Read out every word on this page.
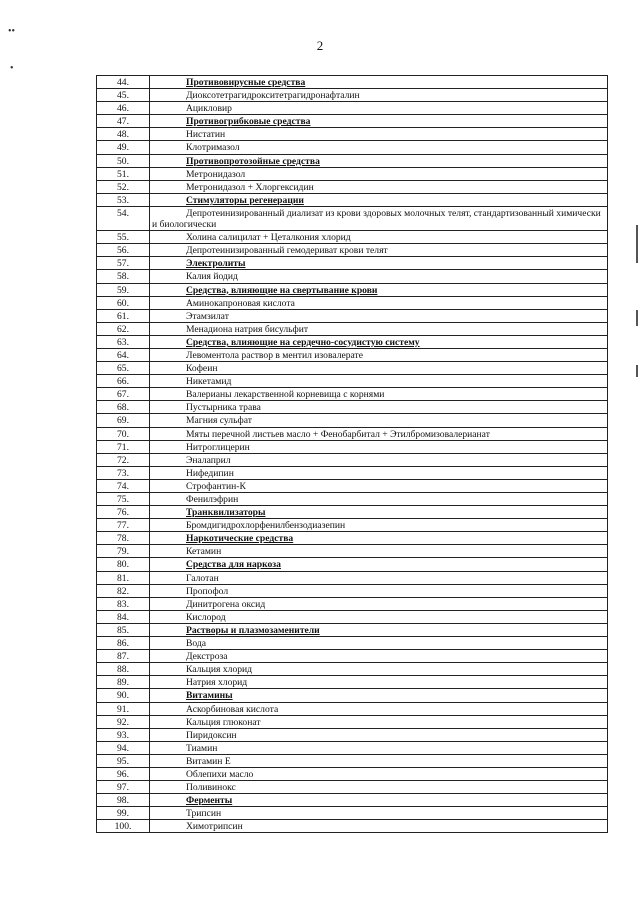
••
•
2
44.	Противовирусные средства
45.	Диоксотетрагидрокситетрагидронафталин
46.	Ацикловир
47.	Противогрибковые средства
48.	Нистатин
49.	Клотримазол
50.	Противопротозойные средства
51.	Метронидазол
52.	Метронидазол + Хлоргексидин
53.	Стимуляторы регенерации
54.	Депротеинизированный диализат из крови здоровых молочных телят, стандартизованный химически и биологически
55.	Холина салицилат + Цеталкония хлорид
56.	Депротеинизированный гемодериват крови телят
57.	Электролиты
58.	Калия йодид
59.	Средства, влияющие на свертывание крови
60.	Аминокапроновая кислота
61.	Этамзилат
62.	Менадиона натрия бисульфит
63.	Средства, влияющие на сердечно-сосудистую систему
64.	Левоментола раствор в ментил изовалерате
65.	Кофеин
66.	Никетамид
67.	Валерианы лекарственной корневища с корнями
68.	Пустырника трава
69.	Магния сульфат
70.	Мяты перечной листьев масло + Фенобарбитал + Этилбромизовалерианат
71.	Нитроглицерин
72.	Эналаприл
73.	Нифедипин
74.	Строфантин-К
75.	Фенилэфрин
76.	Транквилизаторы
77.	Бромдигидрохлорфенилбензодиазепин
78.	Наркотические средства
79.	Кетамин
80.	Средства для наркоза
81.	Галотан
82.	Пропофол
83.	Динитрогена оксид
84.	Кислород
85.	Растворы и плазмозаменители
86.	Вода
87.	Декстроза
88.	Кальция хлорид
89.	Натрия хлорид
90.	Витамины
91.	Аскорбиновая кислота
92.	Кальция глюконат
93.	Пиридоксин
94.	Тиамин
95.	Витамин Е
96.	Облепихи масло
97.	Поливинокс
98.	Ферменты
99.	Трипсин
100.	Химотрипсин
